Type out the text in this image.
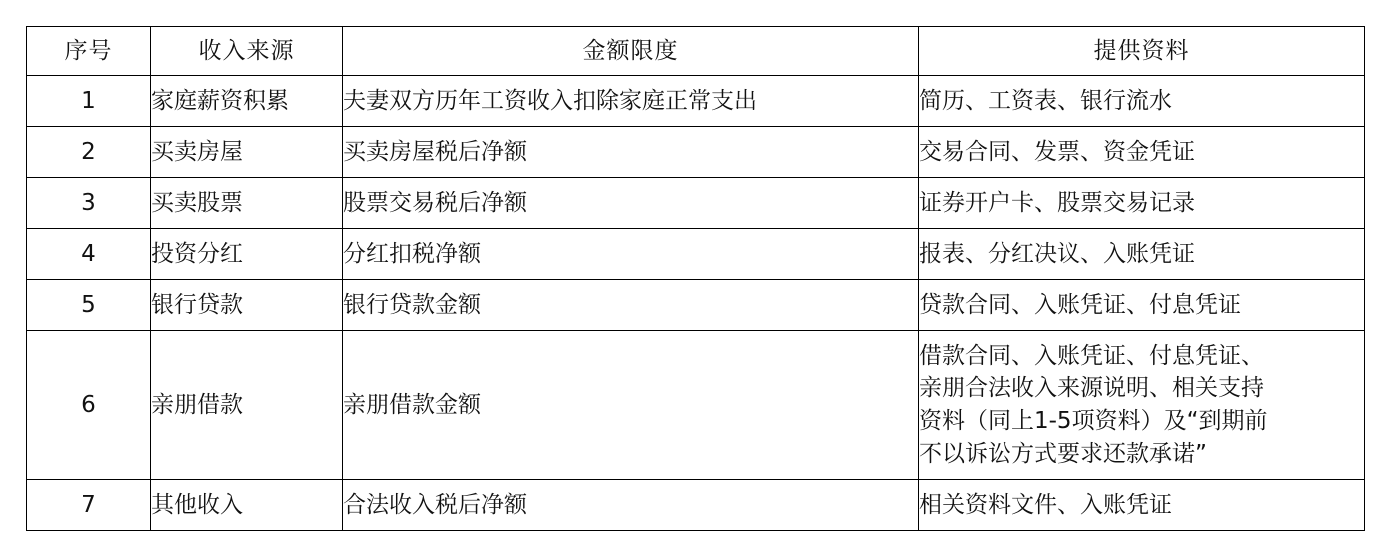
序号	收入来源	金额限度	提供资料
1	家庭薪资积累	夫妻双方历年工资收入扣除家庭正常支出	简历、工资表、银行流水
2	买卖房屋	买卖房屋税后净额	交易合同、发票、资金凭证
3	买卖股票	股票交易税后净额	证券开户卡、股票交易记录
4	投资分红	分红扣税净额	报表、分红决议、入账凭证
5	银行贷款	银行贷款金额	贷款合同、入账凭证、付息凭证
6	亲朋借款	亲朋借款金额	借款合同、入账凭证、付息凭证、
亲朋合法收入来源说明、相关支持
资料（同上1-5项资料）及“到期前
不以诉讼方式要求还款承诺”

7	其他收入	合法收入税后净额	相关资料文件、入账凭证
